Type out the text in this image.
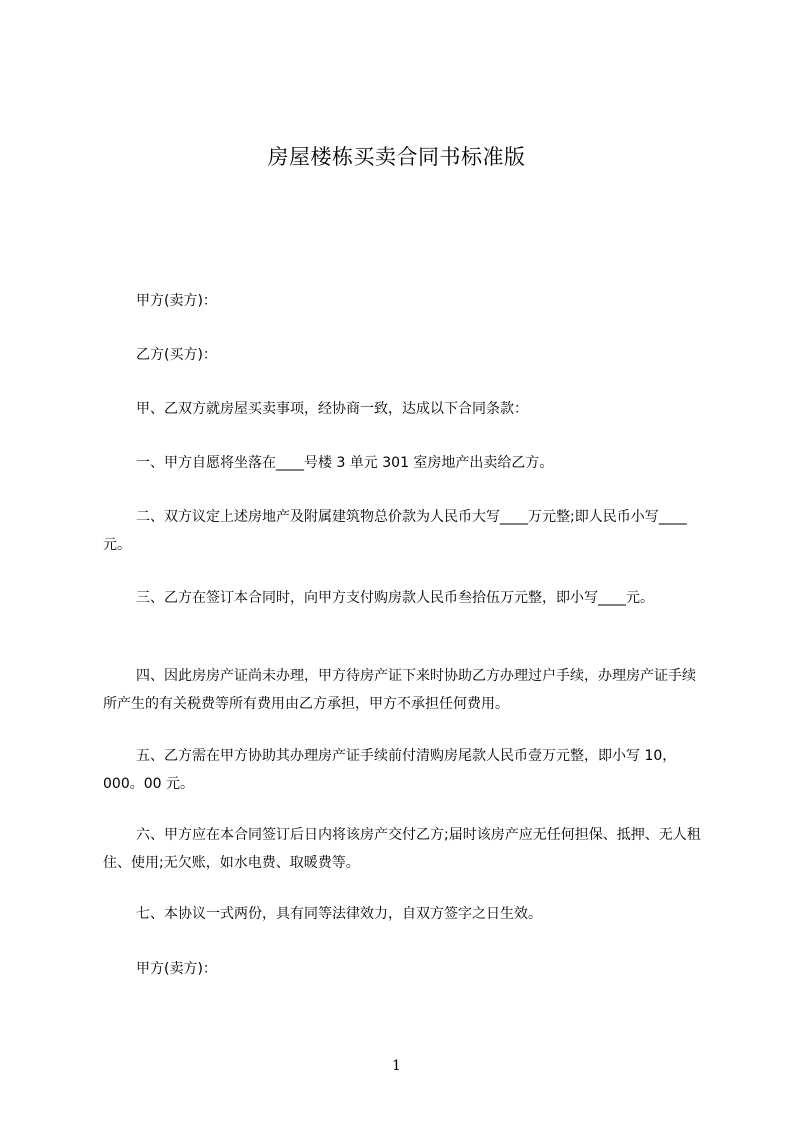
房屋楼栋买卖合同书标准版
甲方(卖方)：
乙方(买方)：
甲、乙双方就房屋买卖事项，经协商一致，达成以下合同条款：
一、甲方自愿将坐落在____号楼 3 单元 301 室房地产出卖给乙方。
二、双方议定上述房地产及附属建筑物总价款为人民币大写____万元整;即人民币小写____元。
三、乙方在签订本合同时，向甲方支付购房款人民币叁拾伍万元整，即小写____元。
四、因此房房产证尚未办理，甲方待房产证下来时协助乙方办理过户手续，办理房产证手续所产生的有关税费等所有费用由乙方承担，甲方不承担任何费用。
五、乙方需在甲方协助其办理房产证手续前付清购房尾款人民币壹万元整，即小写 10，000。00 元。
六、甲方应在本合同签订后日内将该房产交付乙方;届时该房产应无任何担保、抵押、无人租住、使用;无欠账，如水电费、取暖费等。
七、本协议一式两份，具有同等法律效力，自双方签字之日生效。
甲方(卖方)：
1
